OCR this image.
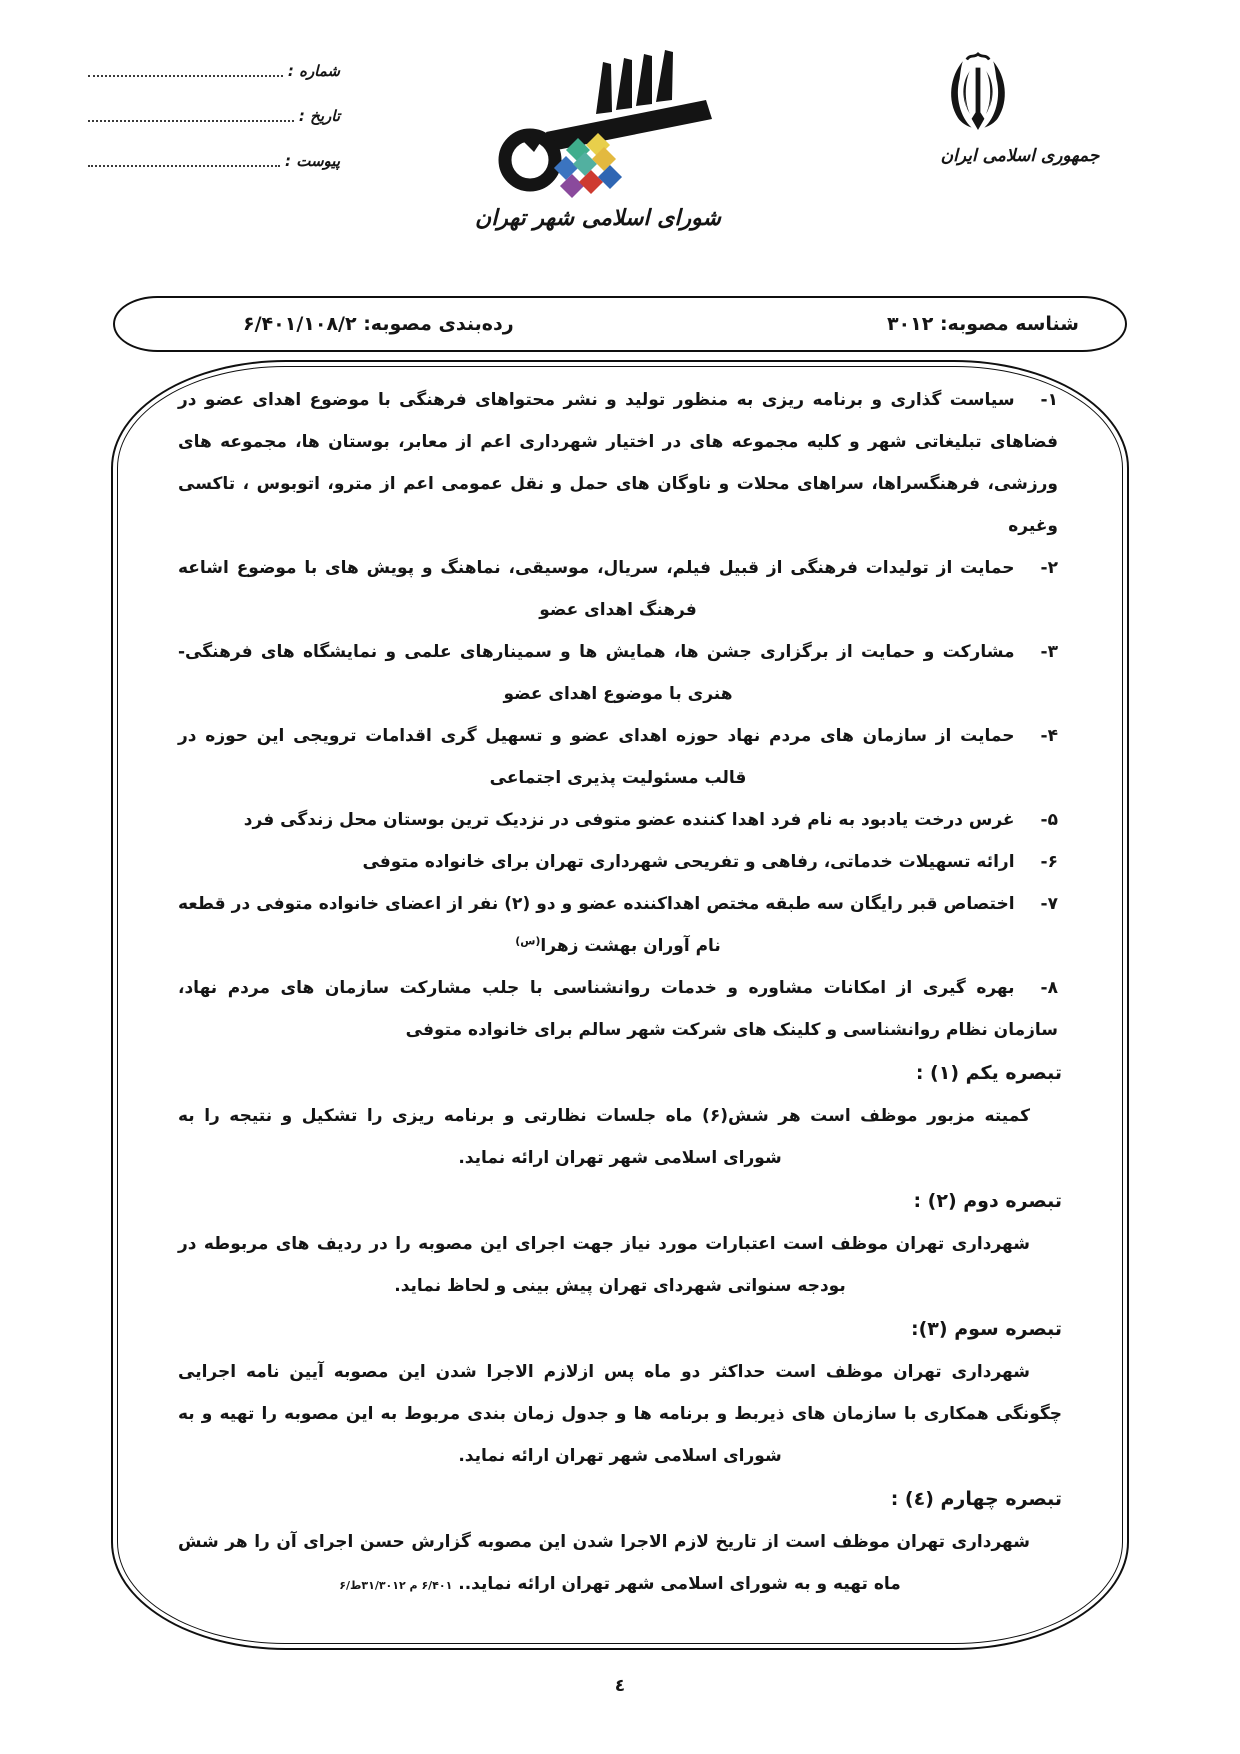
شماره :
تاریخ :
پیوست :
شورای اسلامی شهر تهران
جمهوری اسلامی ایران
شناسه مصوبه: ۳۰۱۲
رده‌بندی مصوبه: ۶/۴۰۱/۱۰۸/۲

۱-سیاست گذاری و برنامه ریزی به منظور تولید و نشر محتواهای فرهنگی با موضوع اهدای عضو در فضاهای تبلیغاتی شهر و کلیه مجموعه های در اختیار شهرداری اعم از معابر، بوستان ها، مجموعه های ورزشی، فرهنگسراها، سراهای محلات و ناوگان های حمل و نقل عمومی اعم از مترو، اتوبوس ، تاکسی وغیره

۲-حمایت از تولیدات فرهنگی از قبیل فیلم، سریال، موسیقی، نماهنگ و پویش های با موضوع اشاعه فرهنگ اهدای عضو

۳-مشارکت و حمایت از برگزاری جشن ها، همایش ها و سمینارهای علمی و نمایشگاه های فرهنگی- هنری با موضوع اهدای عضو

۴-حمایت از سازمان های مردم نهاد حوزه اهدای عضو و تسهیل گری اقدامات ترویجی این حوزه در قالب مسئولیت پذیری اجتماعی

۵-غرس درخت یادبود به نام فرد اهدا کننده عضو متوفی در نزدیک ترین بوستان محل زندگی فرد

۶-ارائه تسهیلات خدماتی، رفاهی و تفریحی شهرداری تهران برای خانواده متوفی

۷-اختصاص قبر رایگان سه طبقه مختص اهداکننده عضو و دو (۲) نفر از اعضای خانواده متوفی در قطعه نام آوران بهشت زهرا$^{(س)}$

۸-بهره گیری از امکانات مشاوره و خدمات روانشناسی با جلب مشارکت سازمان های مردم نهاد، سازمان نظام روانشناسی و کلینک های شرکت شهر سالم برای خانواده متوفی

تبصره یکم (۱) :

کمیته مزبور موظف است هر شش(۶) ماه جلسات نظارتی و برنامه ریزی را تشکیل و نتیجه را به شورای اسلامی شهر تهران ارائه نماید.

تبصره دوم (۲) :

شهرداری تهران موظف است اعتبارات مورد نیاز جهت اجرای این مصوبه را در ردیف های مربوطه در بودجه سنواتی شهردای تهران پیش بینی و لحاظ نماید.

تبصره سوم (۳):

شهرداری تهران موظف است حداکثر دو ماه پس ازلازم الاجرا شدن این مصوبه آیین نامه اجرایی چگونگی همکاری با سازمان های ذیربط و برنامه ها و جدول زمان بندی مربوط به این مصوبه را تهیه و به شورای اسلامی شهر تهران ارائه نماید.

تبصره چهارم (٤) :

شهرداری تهران موظف است از تاریخ لازم الاجرا شدن این مصوبه گزارش حسن اجرای آن را هر شش ماه تهیه و به شورای اسلامی شهر تهران ارائه نماید.. ۶/۴۰۱ م ۳۱/۳۰۱۲ط/۶

٤
